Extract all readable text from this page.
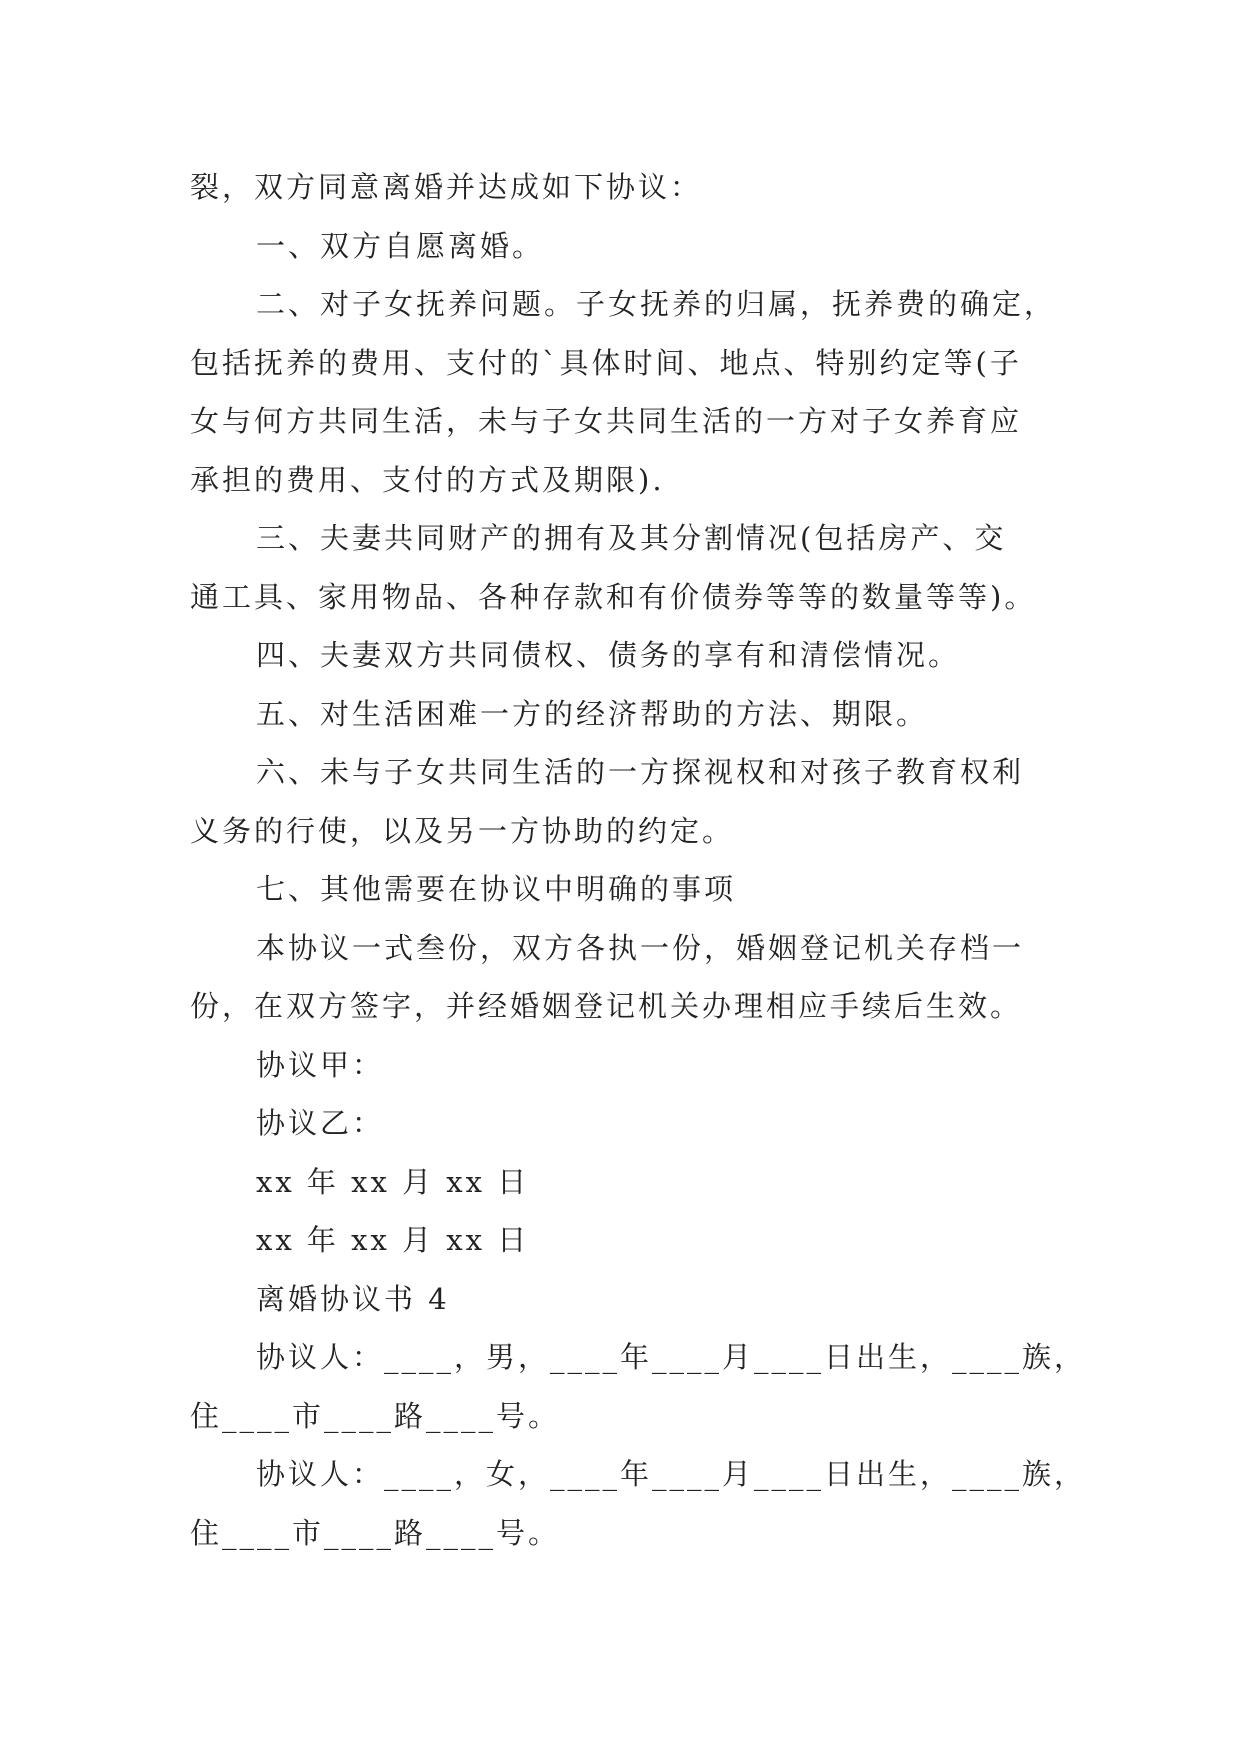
裂，双方同意离婚并达成如下协议：
一、双方自愿离婚。
二、对子女抚养问题。子女抚养的归属，抚养费的确定，
包括抚养的费用、支付的`具体时间、地点、特别约定等(子
女与何方共同生活，未与子女共同生活的一方对子女养育应
承担的费用、支付的方式及期限).
三、夫妻共同财产的拥有及其分割情况(包括房产、交
通工具、家用物品、各种存款和有价债券等等的数量等等)。
四、夫妻双方共同债权、债务的享有和清偿情况。
五、对生活困难一方的经济帮助的方法、期限。
六、未与子女共同生活的一方探视权和对孩子教育权利
义务的行使，以及另一方协助的约定。
七、其他需要在协议中明确的事项
本协议一式叁份，双方各执一份，婚姻登记机关存档一
份，在双方签字，并经婚姻登记机关办理相应手续后生效。
协议甲：
协议乙：
xx 年 xx 月 xx 日
xx 年 xx 月 xx 日
离婚协议书 4
协议人：____，男，____年____月____日出生，____族，
住____市____路____号。
协议人：____，女，____年____月____日出生，____族，
住____市____路____号。
